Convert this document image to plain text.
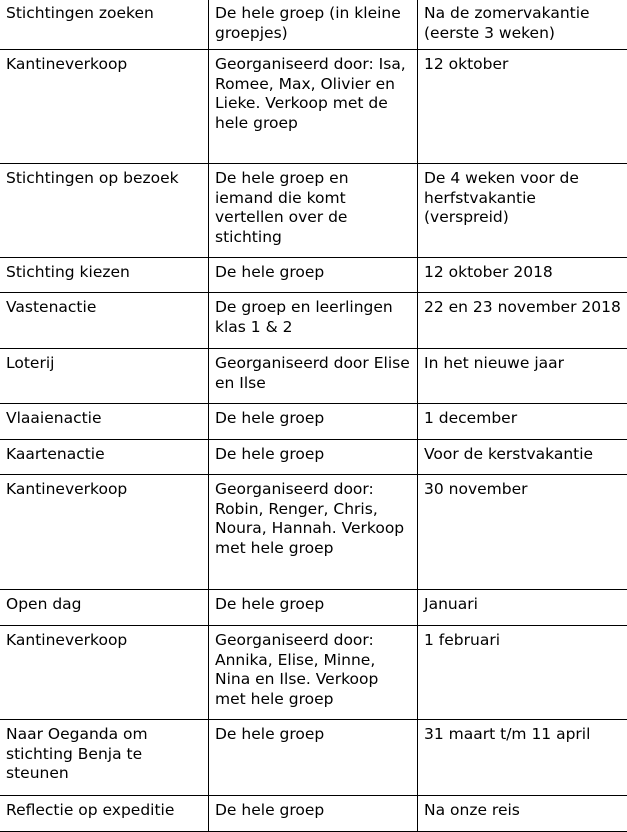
Stichtingen zoeken	De hele groep (in kleine groepjes)	Na de zomervakantie (eerste 3 weken)
Kantineverkoop	Georganiseerd door: Isa, Romee, Max, Olivier en Lieke. Verkoop met de hele groep	12 oktober
Stichtingen op bezoek	De hele groep en iemand die komt vertellen over de stichting	De 4 weken voor de herfstvakantie (verspreid)
Stichting kiezen	De hele groep	12 oktober 2018
Vastenactie	De groep en leerlingen klas 1 & 2	22 en 23 november 2018
Loterij	Georganiseerd door Elise en Ilse	In het nieuwe jaar
Vlaaienactie	De hele groep	1 december
Kaartenactie	De hele groep	Voor de kerstvakantie
Kantineverkoop	Georganiseerd door: Robin, Renger, Chris, Noura, Hannah. Verkoop met hele groep	30 november
Open dag	De hele groep	Januari
Kantineverkoop	Georganiseerd door: Annika, Elise, Minne, Nina en Ilse. Verkoop met hele groep	1 februari
Naar Oeganda om stichting Benja te steunen	De hele groep	31 maart t/m 11 april
Reflectie op expeditie	De hele groep	Na onze reis
